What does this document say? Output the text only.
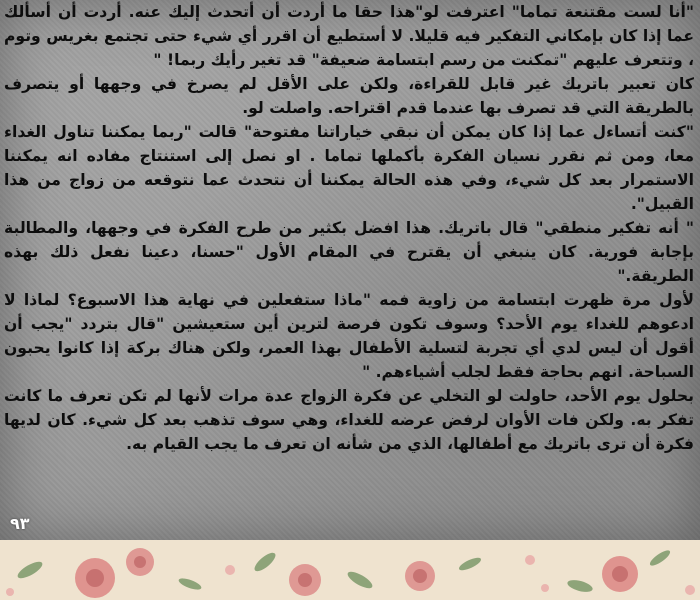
"أنا لست مقتنعة تماما" اعترفت لو"هذا حقا ما أردت أن أتحدث إليك عنه. أردت أن أسألك عما إذا كان بإمكاني التفكير فيه قليلا. لا أستطيع أن اقرر أي شيء حتى تجتمع بغريس وتوم ، وتتعرف عليهم "تمكنت من رسم ابتسامة ضعيفة" قد تغير رأيك ربما! "

كان تعبير باتريك غير قابل للقراءة، ولكن على الأقل لم يصرخ في وجهها أو يتصرف بالطريقة التي قد تصرف بها عندما قدم اقتراحه. واصلت لو.

"كنت أتساءل عما إذا كان يمكن أن نبقي خياراتنا مفتوحة" قالت "ربما يمكننا تناول الغداء معا، ومن ثم نقرر نسيان الفكرة بأكملها تماما . او نصل إلى استنتاج مفاده انه يمكننا الاستمرار بعد كل شيء، وفي هذه الحالة يمكننا أن نتحدث عما نتوقعه من زواج من هذا القبيل".

" أنه تفكير منطقي" قال باتريك. هذا افضل بكثير من طرح الفكرة في وجهها، والمطالبة بإجابة فورية. كان ينبغي أن يقترح في المقام الأول "حسنا، دعينا نفعل ذلك بهذه الطريقة."

لأول مرة ظهرت ابتسامة من زاوية فمه "ماذا ستفعلين في نهاية هذا الاسبوع؟ لماذا لا ادعوهم للغداء يوم الأحد؟ وسوف تكون فرصة لترين أين ستعيشين "قال بتردد "يجب أن أقول أن ليس لدي أي تجربة لتسلية الأطفال بهذا العمر، ولكن هناك بركة إذا كانوا يحبون السباحة. انهم بحاجة فقط لجلب أشياءهم. "

بحلول يوم الأحد، حاولت لو التخلي عن فكرة الزواج عدة مرات لأنها لم تكن تعرف ما كانت تفكر به. ولكن فات الأوان لرفض عرضه للغداء، وهي سوف تذهب بعد كل شيء. كان لديها فكرة أن ترى باتريك مع أطفالها، الذي من شأنه ان تعرف ما يجب القيام به.

٩٣
